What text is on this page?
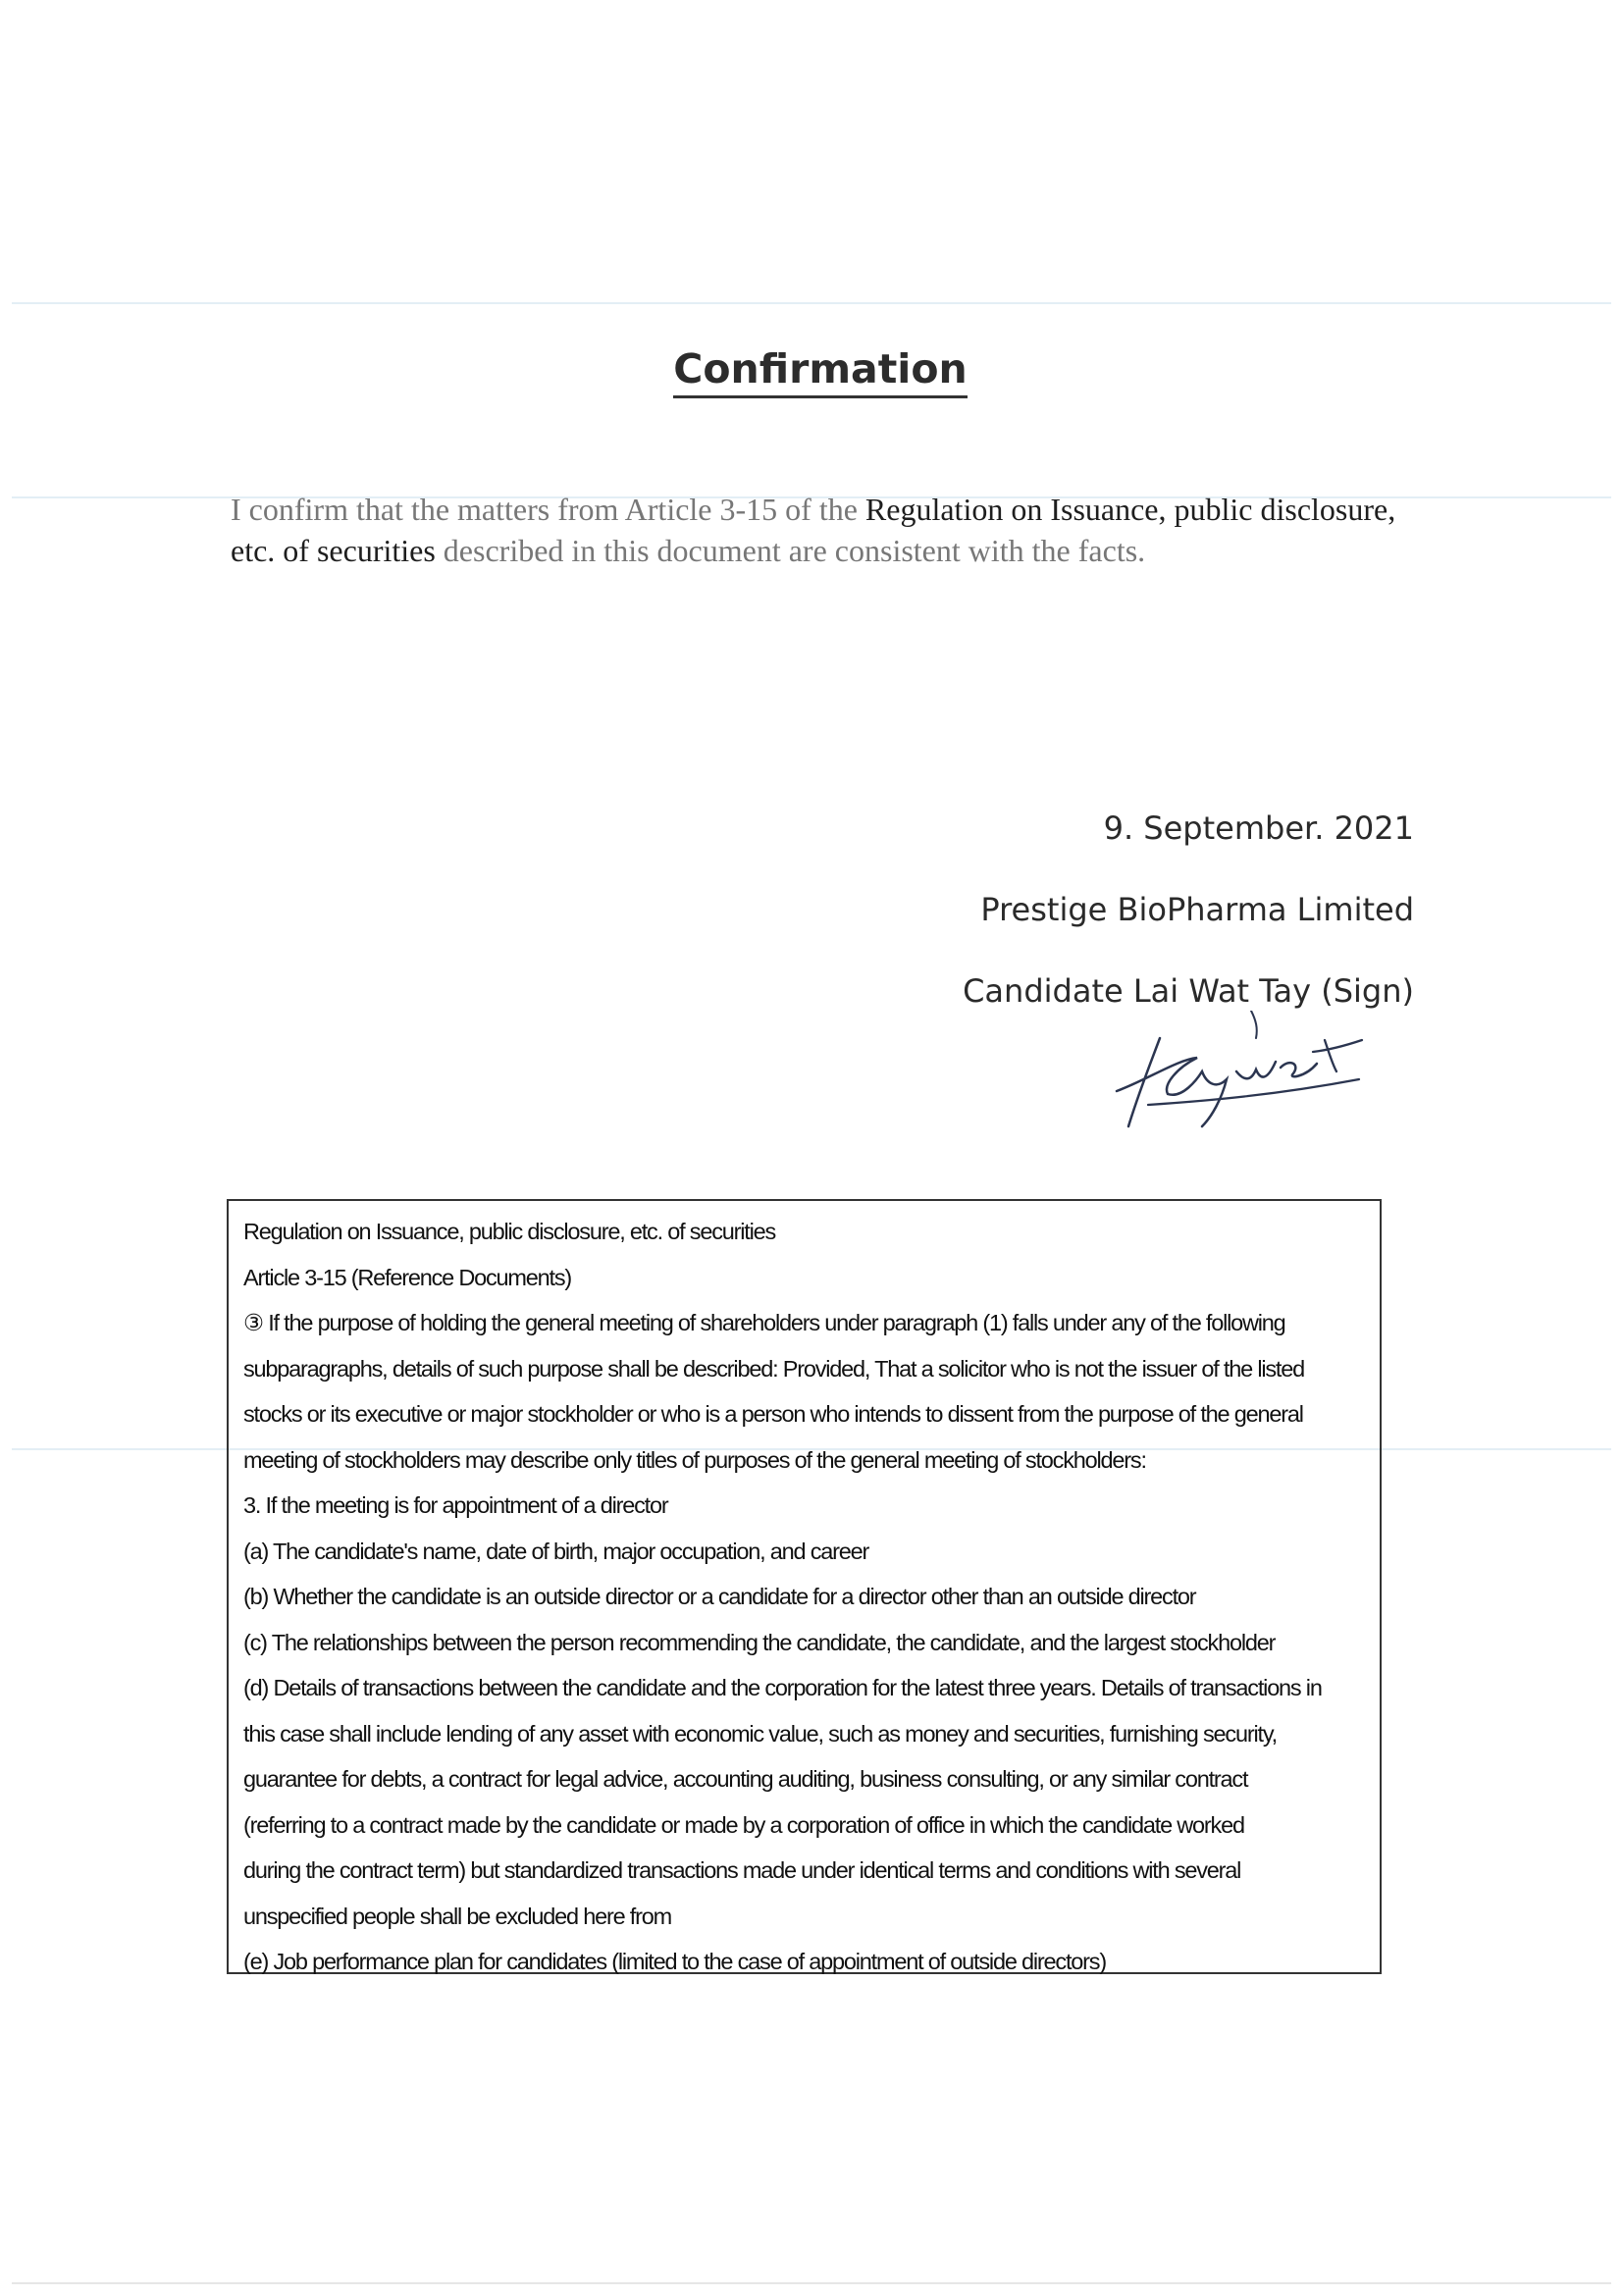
Confirmation
I confirm that the matters from Article 3-15 of the Regulation on Issuance, public disclosure,
etc. of securities described in this document are consistent with the facts.
9. September. 2021
Prestige BioPharma Limited
Candidate Lai Wat Tay (Sign)

Regulation on Issuance, public disclosure, etc. of securities

Article 3-15 (Reference Documents)

③ If the purpose of holding the general meeting of shareholders under paragraph (1) falls under any of the following

subparagraphs, details of such purpose shall be described: Provided, That a solicitor who is not the issuer of the listed

stocks or its executive or major stockholder or who is a person who intends to dissent from the purpose of the general

meeting of stockholders may describe only titles of purposes of the general meeting of stockholders:

3. If the meeting is for appointment of a director

(a) The candidate's name, date of birth, major occupation, and career

(b) Whether the candidate is an outside director or a candidate for a director other than an outside director

(c) The relationships between the person recommending the candidate, the candidate, and the largest stockholder

(d) Details of transactions between the candidate and the corporation for the latest three years. Details of transactions in

this case shall include lending of any asset with economic value, such as money and securities, furnishing security,

guarantee for debts, a contract for legal advice, accounting auditing, business consulting, or any similar contract

(referring to a contract made by the candidate or made by a corporation of office in which the candidate worked

during the contract term) but standardized transactions made under identical terms and conditions with several

unspecified people shall be excluded here from

(e) Job performance plan for candidates (limited to the case of appointment of outside directors)
